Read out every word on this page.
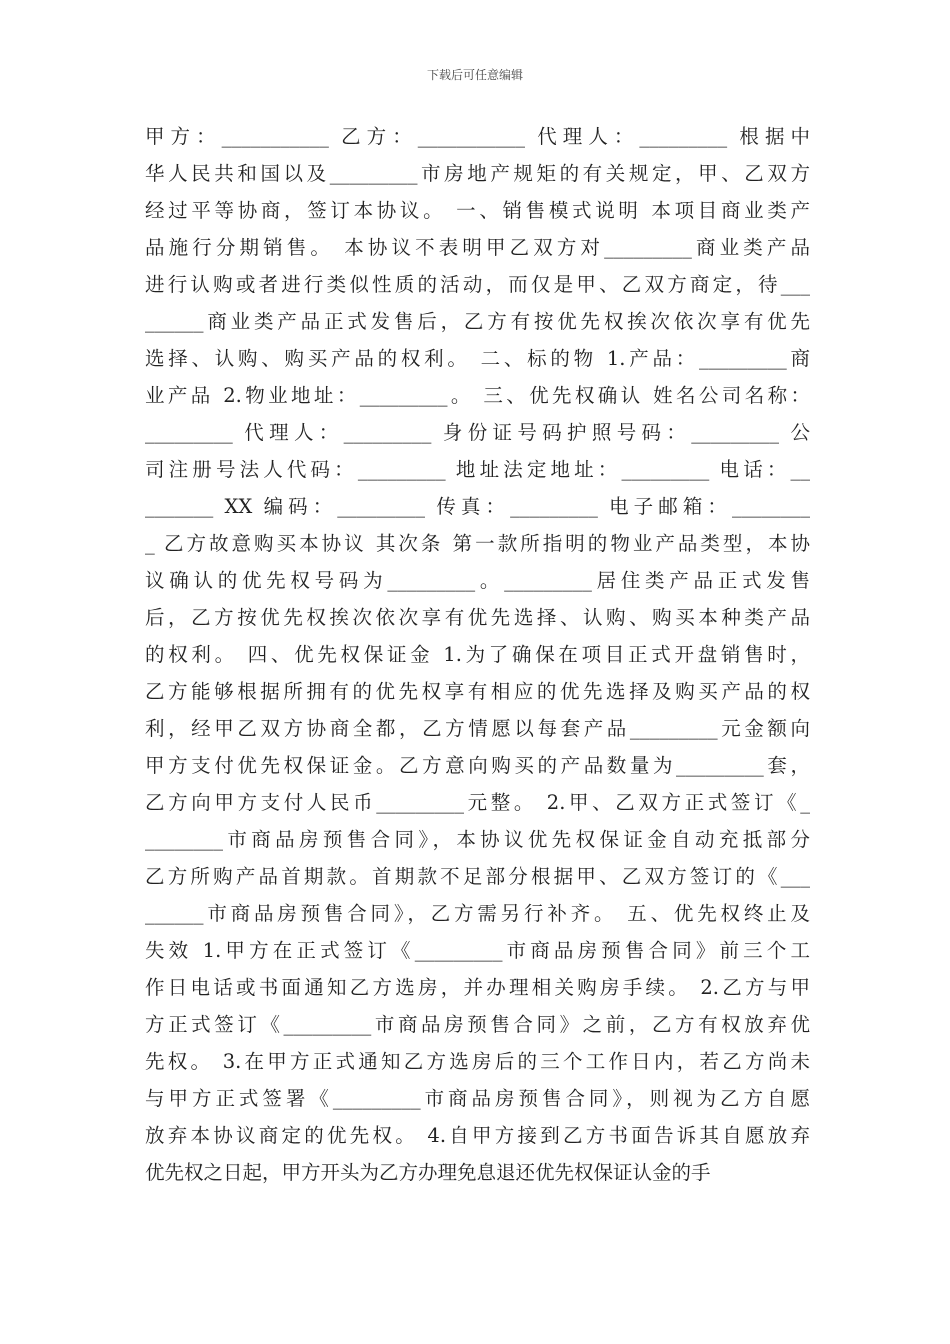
下载后可任意编辑
甲方：___________ 乙方：___________ 代理人：_________ 根据中
华人民共和国以及_________市房地产规矩的有关规定，甲、乙双方
经过平等协商，签订本协议。 一、销售模式说明 本项目商业类产
品施行分期销售。 本协议不表明甲乙双方对_________商业类产品
进行认购或者进行类似性质的活动，而仅是甲、乙双方商定，待___
______商业类产品正式发售后，乙方有按优先权挨次依次享有优先
选择、认购、购买产品的权利。 二、标的物 1.产品：_________商
业产品 2.物业地址：_________。 三、优先权确认 姓名公司名称：
_________ 代理人：_________ 身份证号码护照号码：_________ 公
司注册号法人代码：_________ 地址法定地址：_________ 电话：__
_______ XX 编码：_________ 传真：_________ 电子邮箱：________
_ 乙方故意购买本协议 其次条 第一款所指明的物业产品类型，本协
议确认的优先权号码为_________。_________居住类产品正式发售
后，乙方按优先权挨次依次享有优先选择、认购、购买本种类产品
的权利。 四、优先权保证金 1.为了确保在项目正式开盘销售时，
乙方能够根据所拥有的优先权享有相应的优先选择及购买产品的权
利，经甲乙双方协商全都，乙方情愿以每套产品_________元金额向
甲方支付优先权保证金。乙方意向购买的产品数量为_________套，
乙方向甲方支付人民币_________元整。 2.甲、乙双方正式签订《_
________市商品房预售合同》，本协议优先权保证金自动充抵部分
乙方所购产品首期款。首期款不足部分根据甲、乙双方签订的《___
______市商品房预售合同》，乙方需另行补齐。 五、优先权终止及
失效 1.甲方在正式签订《_________市商品房预售合同》前三个工
作日电话或书面通知乙方选房，并办理相关购房手续。 2.乙方与甲
方正式签订《_________市商品房预售合同》之前，乙方有权放弃优
先权。 3.在甲方正式通知乙方选房后的三个工作日内，若乙方尚未
与甲方正式签署《_________市商品房预售合同》，则视为乙方自愿
放弃本协议商定的优先权。 4.自甲方接到乙方书面告诉其自愿放弃
优先权之日起，甲方开头为乙方办理免息退还优先权保证认金的手
